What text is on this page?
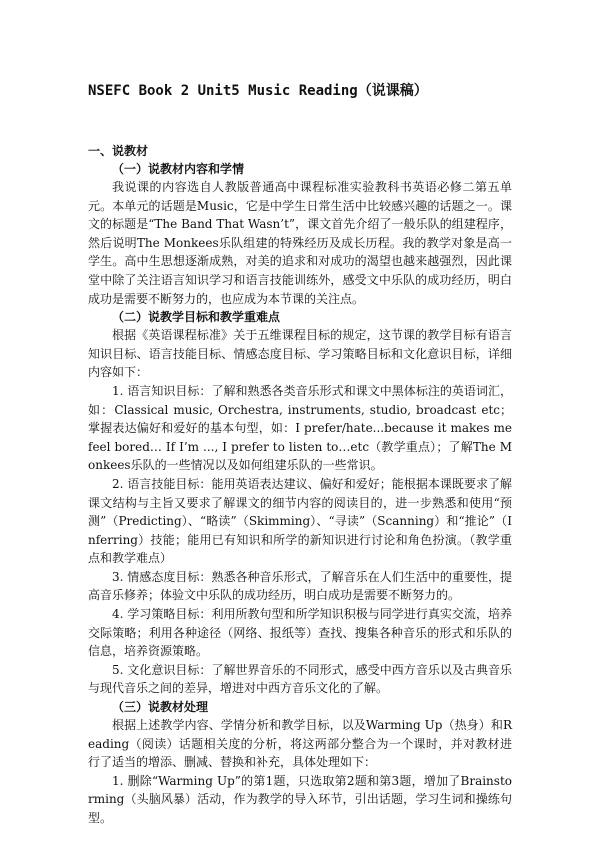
NSEFC Book 2 Unit5 Music Reading（说课稿）
一、说教材
（一）说教材内容和学情

我说课的内容选自人教版普通高中课程标准实验教科书英语必修二第五单元。本单元的话题是Music，它是中学生日常生活中比较感兴趣的话题之一。课文的标题是“The Band That Wasn’t”，课文首先介绍了一般乐队的组建程序，然后说明The Monkees乐队组建的特殊经历及成长历程。我的教学对象是高一学生。高中生思想逐渐成熟，对美的追求和对成功的渴望也越来越强烈，因此课堂中除了关注语言知识学习和语言技能训练外，感受文中乐队的成功经历，明白成功是需要不断努力的，也应成为本节课的关注点。

（二）说教学目标和教学重难点

根据《英语课程标准》关于五维课程目标的规定，这节课的教学目标有语言知识目标、语言技能目标、情感态度目标、学习策略目标和文化意识目标，详细内容如下：

1. 语言知识目标：了解和熟悉各类音乐形式和课文中黑体标注的英语词汇，如：Classical music, Orchestra, instruments, studio, broadcast etc；掌握表达偏好和爱好的基本句型，如：I prefer/hate...because it makes me feel bored… If I’m ..., I prefer to listen to…etc（教学重点）；了解The Monkees乐队的一些情况以及如何组建乐队的一些常识。

2. 语言技能目标：能用英语表达建议、偏好和爱好；能根据本课既要求了解课文结构与主旨又要求了解课文的细节内容的阅读目的，进一步熟悉和使用“预测”（Predicting）、“略读”（Skimming）、“寻读”（Scanning）和“推论”（Inferring）技能；能用已有知识和所学的新知识进行讨论和角色扮演。（教学重点和教学难点）

3. 情感态度目标：熟悉各种音乐形式，了解音乐在人们生活中的重要性，提高音乐修养；体验文中乐队的成功经历，明白成功是需要不断努力的。

4. 学习策略目标：利用所教句型和所学知识积极与同学进行真实交流，培养交际策略；利用各种途径（网络、报纸等）查找、搜集各种音乐的形式和乐队的信息，培养资源策略。

5. 文化意识目标：了解世界音乐的不同形式，感受中西方音乐以及古典音乐与现代音乐之间的差异，增进对中西方音乐文化的了解。

（三）说教材处理

根据上述教学内容、学情分析和教学目标，以及Warming Up（热身）和Reading（阅读）话题相关度的分析，将这两部分整合为一个课时，并对教材进行了适当的增添、删减、替换和补充，具体处理如下：

1. 删除“Warming Up”的第1题，只选取第2题和第3题，增加了Brainstorming（头脑风暴）活动，作为教学的导入环节，引出话题，学习生词和操练句型。
